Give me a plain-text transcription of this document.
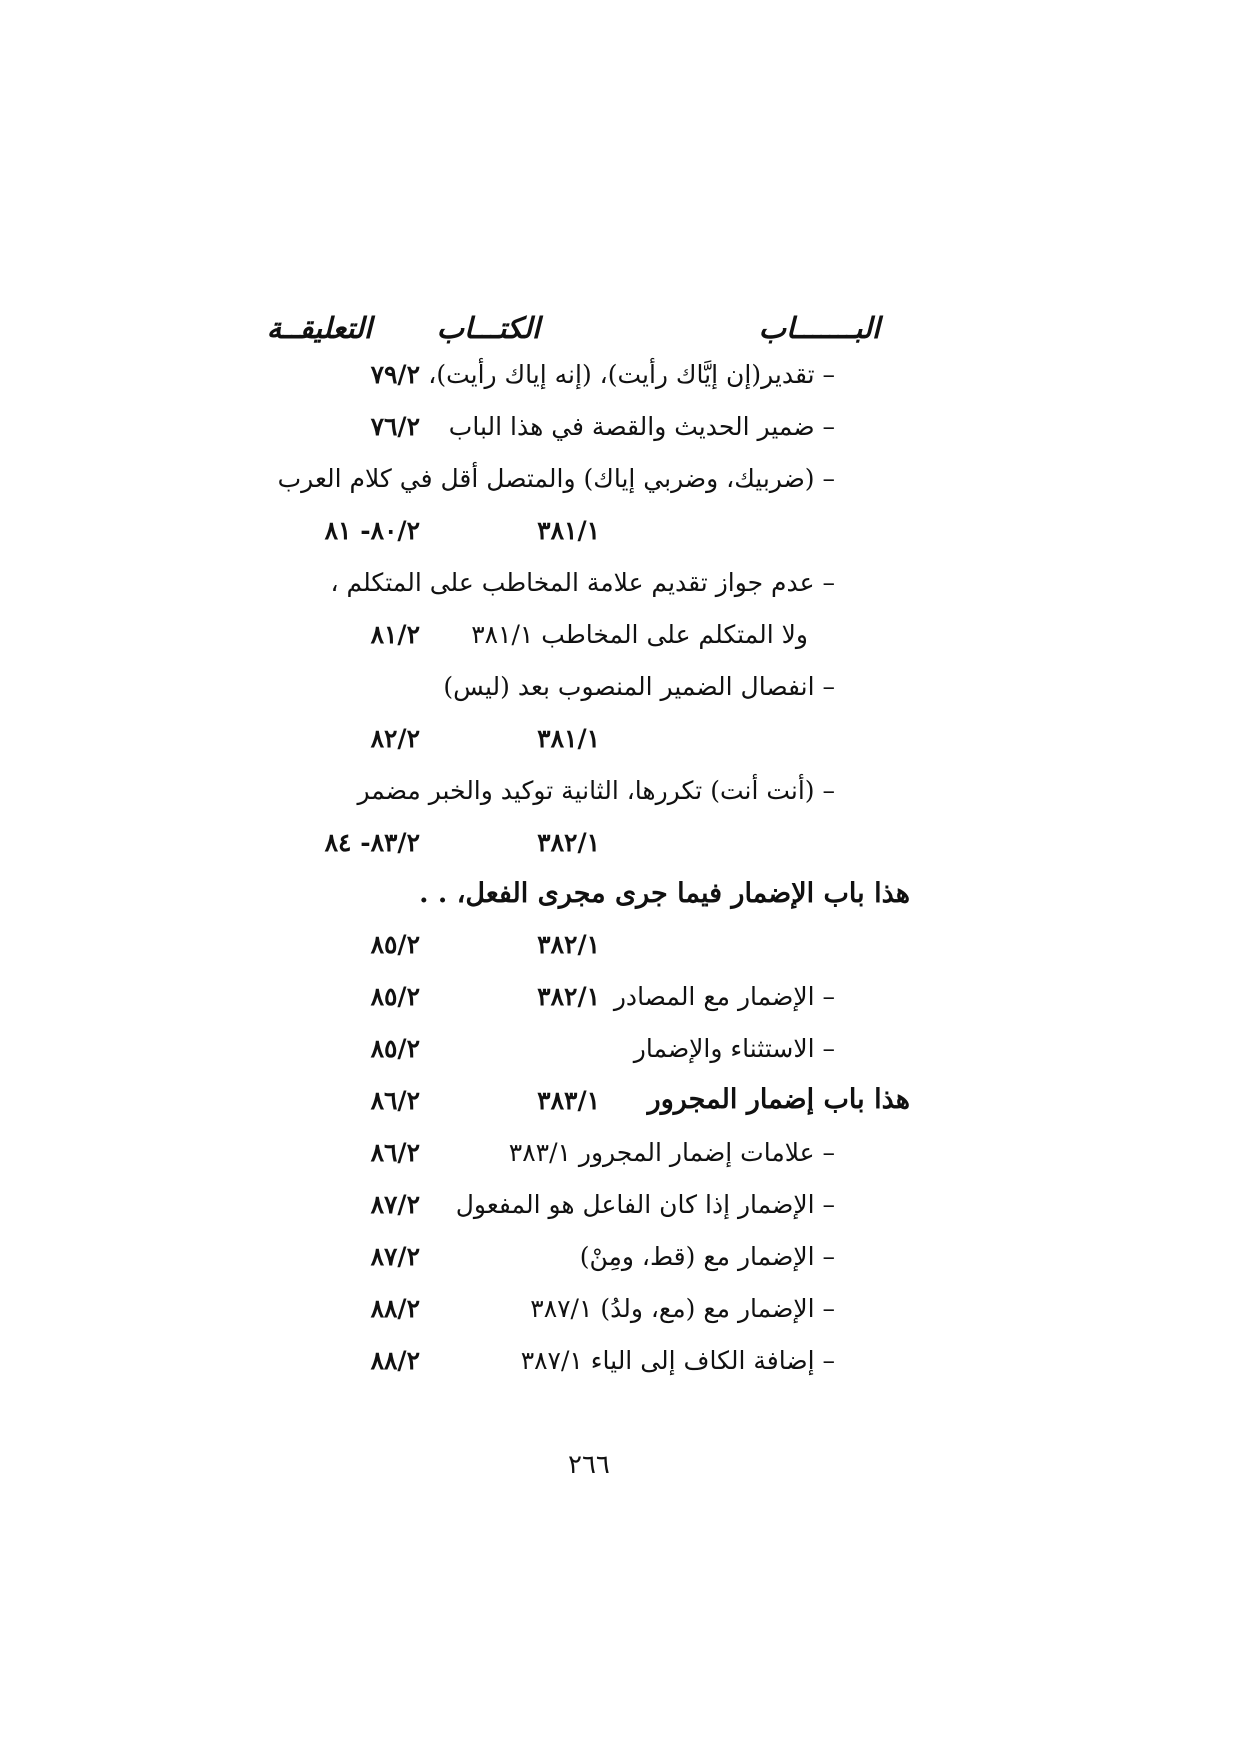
البـــــــاب
الكتـــاب
التعليقــة
– تقدير(إن إيَّاك رأيت)، (إنه إياك رأيت)،
٧٩/٢
– ضمير الحديث والقصة في هذا الباب
٧٦/٢
– (ضربيك، وضربي إياك) والمتصل أقل في كلام العرب
٣٨١/١
٨٠/٢- ٨١
– عدم جواز تقديم علامة المخاطب على المتكلم ،
ولا المتكلم على المخاطب ٣٨١/١
٨١/٢
– انفصال الضمير المنصوب بعد (ليس)
٣٨١/١
٨٢/٢
– (أنت أنت) تكررها، الثانية توكيد والخبر مضمر
٣٨٢/١
٨٣/٢- ٨٤
هذا باب الإضمار فيما جرى مجرى الفعل، . .
٣٨٢/١
٨٥/٢
– الإضمار مع المصادر
٣٨٢/١
٨٥/٢
– الاستثناء والإضمار
٨٥/٢
هذا باب إضمار المجرور
٣٨٣/١
٨٦/٢
– علامات إضمار المجرور ٣٨٣/١
٨٦/٢
– الإضمار إذا كان الفاعل هو المفعول
٨٧/٢
– الإضمار مع (قط، ومِنْ)
٨٧/٢
– الإضمار مع (مع، ولدُ) ٣٨٧/١
٨٨/٢
– إضافة الكاف إلى الياء ٣٨٧/١
٨٨/٢
٢٦٦
